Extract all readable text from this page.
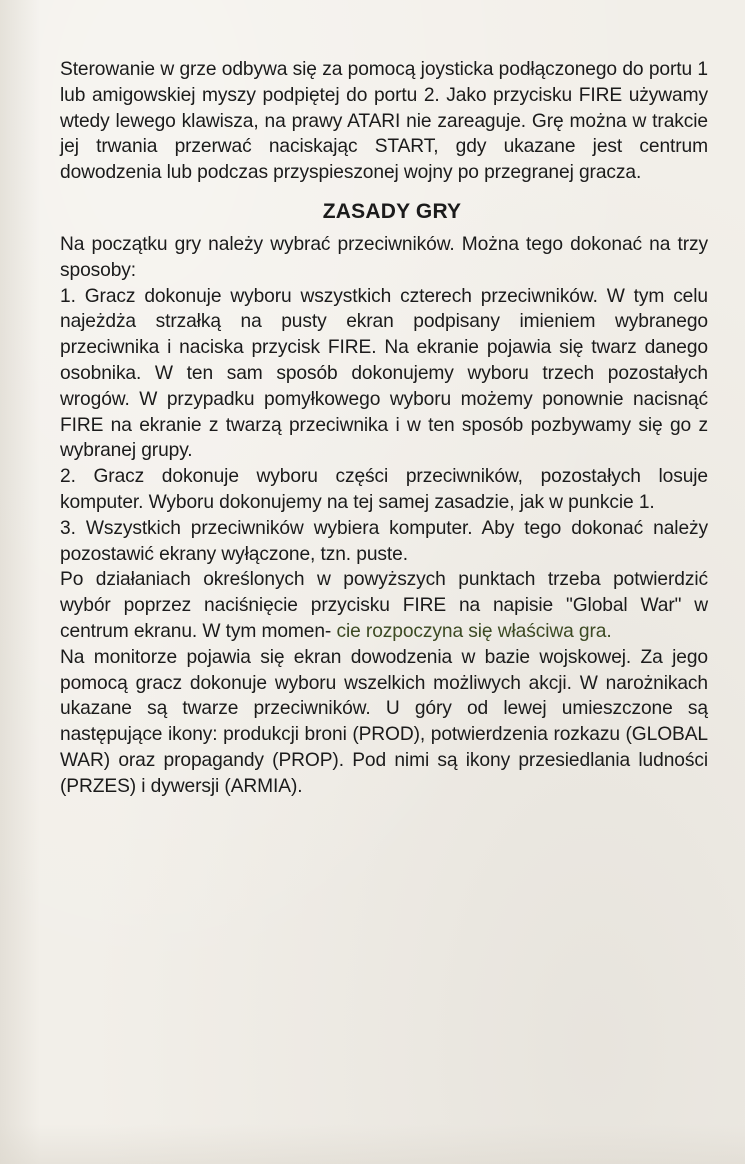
Sterowanie w grze odbywa się za pomocą joysticka podłączonego do portu 1 lub amigowskiej myszy podpiętej do portu 2. Jako przycisku FIRE używamy wtedy lewego klawisza, na prawy ATARI nie zareaguje. Grę można w trakcie jej trwania przerwać naciskając START, gdy ukazane jest centrum dowodzenia lub podczas przyspieszonej wojny po przegranej gracza.

ZASADY GRY

Na początku gry należy wybrać przeciwników. Można tego dokonać na trzy sposoby:

1. Gracz dokonuje wyboru wszystkich czterech przeciwników. W tym celu najeżdża strzałką na pusty ekran podpisany imieniem wybranego przeciwnika i naciska przycisk FIRE. Na ekranie pojawia się twarz danego osobnika. W ten sam sposób dokonujemy wyboru trzech pozostałych wrogów. W przypadku pomyłkowego wyboru możemy ponownie nacisnąć FIRE na ekranie z twarzą przeciwnika i w ten sposób pozbywamy się go z wybranej grupy.

2. Gracz dokonuje wyboru części przeciwników, pozostałych losuje komputer. Wyboru dokonujemy na tej samej zasadzie, jak w punkcie 1.

3. Wszystkich przeciwników wybiera komputer. Aby tego dokonać należy pozostawić ekrany wyłączone, tzn. puste.

Po działaniach określonych w powyższych punktach trzeba potwierdzić wybór poprzez naciśnięcie przycisku FIRE na napisie "Global War" w centrum ekranu. W tym momen- cie rozpoczyna się właściwa gra.

Na monitorze pojawia się ekran dowodzenia w bazie wojskowej. Za jego pomocą gracz dokonuje wyboru wszelkich możliwych akcji. W narożnikach ukazane są twarze przeciwników. U góry od lewej umieszczone są następujące ikony: produkcji broni (PROD), potwierdzenia rozkazu (GLOBAL WAR) oraz propagandy (PROP). Pod nimi są ikony przesiedlania ludności (PRZES) i dywersji (ARMIA).
